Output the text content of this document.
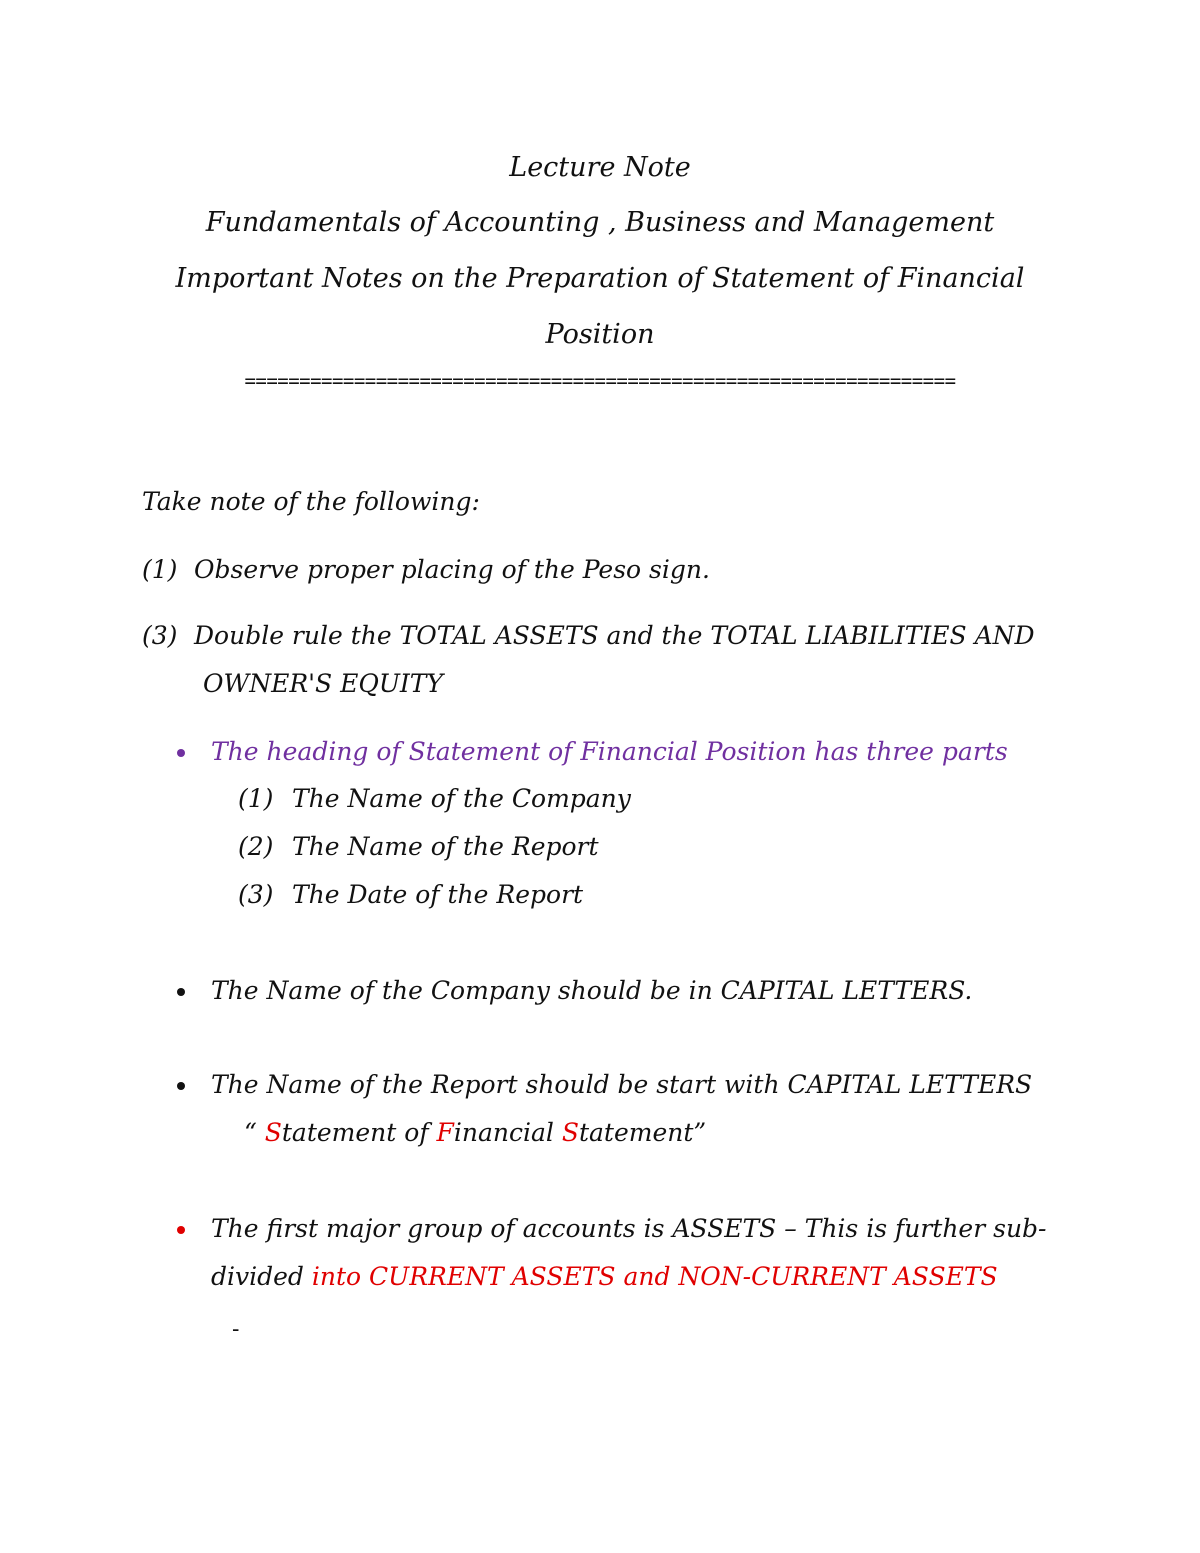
Lecture Note
Fundamentals of Accounting , Business and Management
Important Notes on the Preparation of Statement of Financial
Position
=================================================================
Take note of the following:
(1) Observe proper placing of the Peso sign.
(3) Double rule the TOTAL ASSETS and the TOTAL LIABILITIES AND
OWNER'S EQUITY
The heading of Statement of Financial Position has three parts
(1) The Name of the Company
(2) The Name of the Report
(3) The Date of the Report
The Name of the Company should be in CAPITAL LETTERS.
The Name of the Report should be start with CAPITAL LETTERS
“ Statement of Financial Statement”
The first major group of accounts is ASSETS – This is further sub-
divided into CURRENT ASSETS and NON-CURRENT ASSETS
-
